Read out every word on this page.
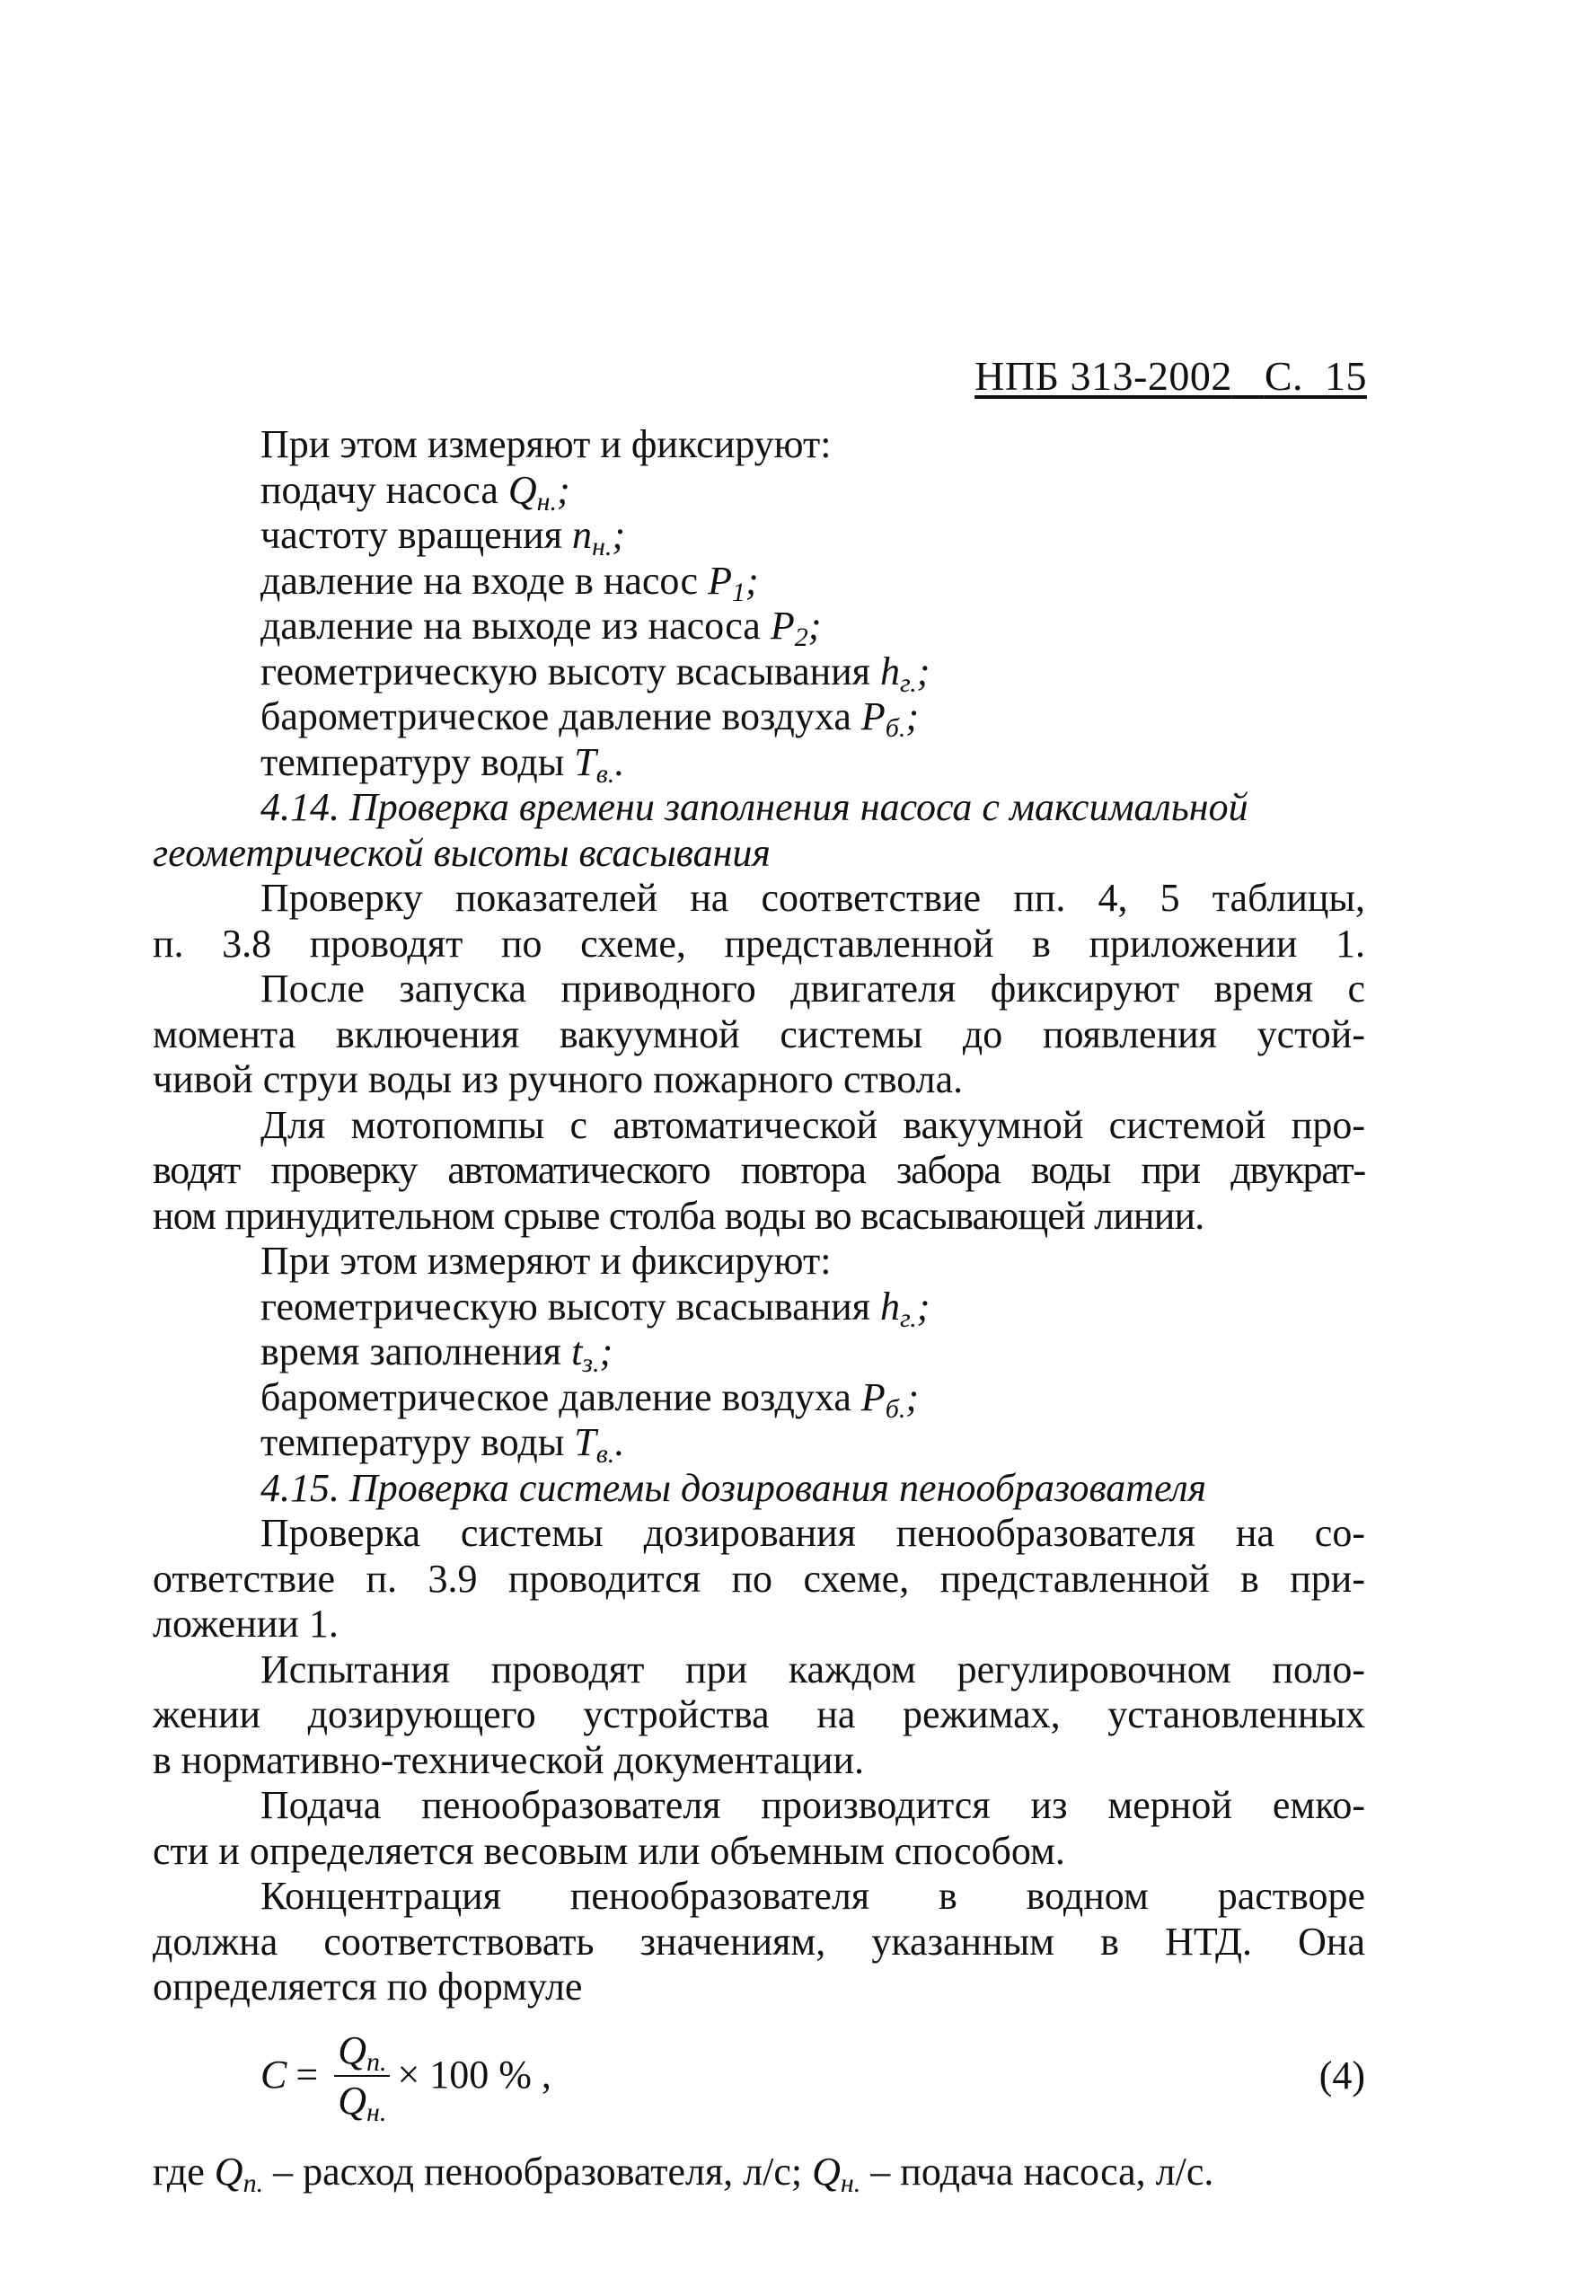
НПБ 313-2002 С. 15
При этом измеряют и фиксируют:
подачу насоса $Q_{н.}$;
частоту вращения $n_{н.}$;
давление на входе в насос $P_1$;
давление на выходе из насоса $P_2$;
геометрическую высоту всасывания $h_{г.}$;
барометрическое давление воздуха $P_{б.}$;
температуру воды $T_{в.}$.
4.14. Проверка времени заполнения насоса с максимальной
геометрической высоты всасывания
Проверку показателей на соответствие пп. 4, 5 таблицы,
п. 3.8 проводят по схеме, представленной в приложении 1.
После запуска приводного двигателя фиксируют время с
момента включения вакуумной системы до появления устой-
чивой струи воды из ручного пожарного ствола.
Для мотопомпы с автоматической вакуумной системой про-
водят проверку автоматического повтора забора воды при двукрат-
ном принудительном срыве столба воды во всасывающей линии.
При этом измеряют и фиксируют:
геометрическую высоту всасывания $h_{г.}$;
время заполнения $t_{з.}$;
барометрическое давление воздуха $P_{б.}$;
температуру воды $T_{в.}$.
4.15. Проверка системы дозирования пенообразователя
Проверка системы дозирования пенообразователя на со-
ответствие п. 3.9 проводится по схеме, представленной в при-
ложении 1.
Испытания проводят при каждом регулировочном поло-
жении дозирующего устройства на режимах, установленных
в нормативно-технической документации.
Подача пенообразователя производится из мерной емко-
сти и определяется весовым или объемным способом.
Концентрация пенообразователя в водном растворе
должна соответствовать значениям, указанным в НТД. Она
определяется по формуле
$C = \frac{Q_{п.}}{Q_{н.}} \times 100$ % ,	(4)
где $Q_{п.}$ – расход пенообразователя, л/с; $Q_{н.}$ – подача насоса, л/с.
